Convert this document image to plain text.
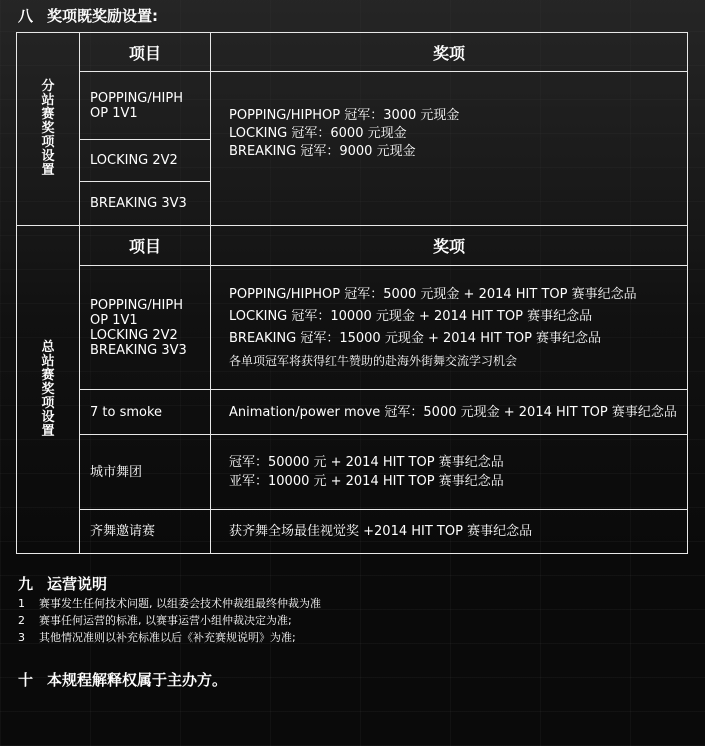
八 奖项既奖励设置:
分站赛 奖项设置	项目	奖项

	POPPING/HIPH
OP 1V1	POPPING/HIPHOP 冠军：3000 元现金
LOCKING 冠军：6000 元现金
BREAKING 冠军：9000 元现金

	LOCKING 2V2	
	BREAKING 3V3	
总站赛 奖项设置	项目	奖项

	POPPING/HIPH
OP 1V1
LOCKING 2V2
BREAKING 3V3	POPPING/HIPHOP 冠军：5000 元现金 + 2014 HIT TOP 赛事纪念品
LOCKING 冠军：10000 元现金 + 2014 HIT TOP 赛事纪念品
BREAKING 冠军：15000 元现金 + 2014 HIT TOP 赛事纪念品
各单项冠军将获得红牛赞助的赴海外街舞交流学习机会

	7 to smoke	Animation/power move 冠军：5000 元现金 + 2014 HIT TOP 赛事纪念品
	城市舞团	冠军：50000 元 + 2014 HIT TOP 赛事纪念品
亚军：10000 元 + 2014 HIT TOP 赛事纪念品

	齐舞邀请赛	获齐舞全场最佳视觉奖 +2014 HIT TOP 赛事纪念品
九 运营说明
1	赛事发生任何技术问题, 以组委会技术仲裁组最终仲裁为准
2	赛事任何运营的标准, 以赛事运营小组仲裁决定为准;
3	其他情况准则以补充标准以后《补充赛规说明》为准;
十 本规程解释权属于主办方。
